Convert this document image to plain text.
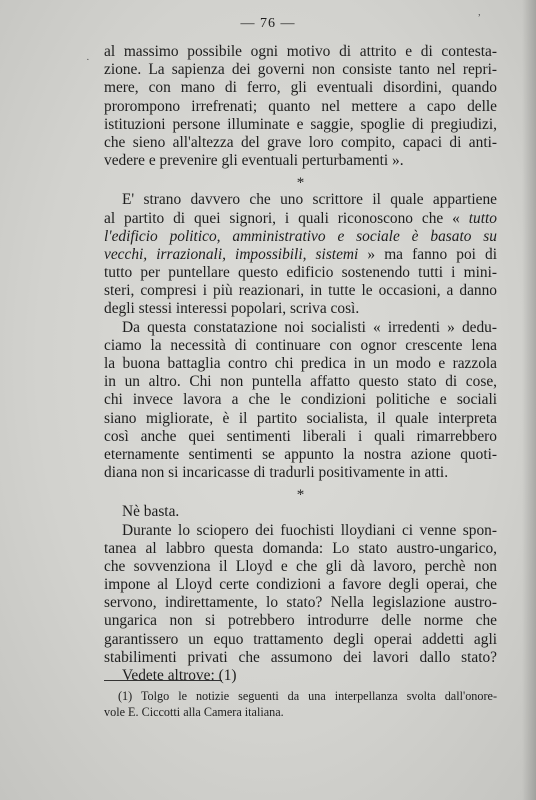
— 76 —
al massimo possibile ogni motivo di attrito e di contesta-
zione. La sapienza dei governi non consiste tanto nel repri-
mere, con mano di ferro, gli eventuali disordini, quando
prorompono irrefrenati; quanto nel mettere a capo delle
istituzioni persone illuminate e saggie, spoglie di pregiudizi,
che sieno all'altezza del grave loro compito, capaci di anti-
vedere e prevenire gli eventuali perturbamenti ».
*
E' strano davvero che uno scrittore il quale appartiene
al partito di quei signori, i quali riconoscono che « tutto
l'edificio politico, amministrativo e sociale è basato su
vecchi, irrazionali, impossibili, sistemi » ma fanno poi di
tutto per puntellare questo edificio sostenendo tutti i mini-
steri, compresi i più reazionari, in tutte le occasioni, a danno
degli stessi interessi popolari, scriva così.
Da questa constatazione noi socialisti « irredenti » dedu-
ciamo la necessità di continuare con ognor crescente lena
la buona battaglia contro chi predica in un modo e razzola
in un altro. Chi non puntella affatto questo stato di cose,
chi invece lavora a che le condizioni politiche e sociali
siano migliorate, è il partito socialista, il quale interpreta
così anche quei sentimenti liberali i quali rimarrebbero
eternamente sentimenti se appunto la nostra azione quoti-
diana non si incaricasse di tradurli positivamente in atti.
*
Nè basta.
Durante lo sciopero dei fuochisti lloydiani ci venne spon-
tanea al labbro questa domanda: Lo stato austro-ungarico,
che sovvenziona il Lloyd e che gli dà lavoro, perchè non
impone al Lloyd certe condizioni a favore degli operai, che
servono, indirettamente, lo stato? Nella legislazione austro-
ungarica non si potrebbero introdurre delle norme che
garantissero un equo trattamento degli operai addetti agli
stabilimenti privati che assumono dei lavori dallo stato?
Vedete altrove: (1)
(1) Tolgo le notizie seguenti da una interpellanza svolta dall'onore-
vole E. Ciccotti alla Camera italiana.
·
,
